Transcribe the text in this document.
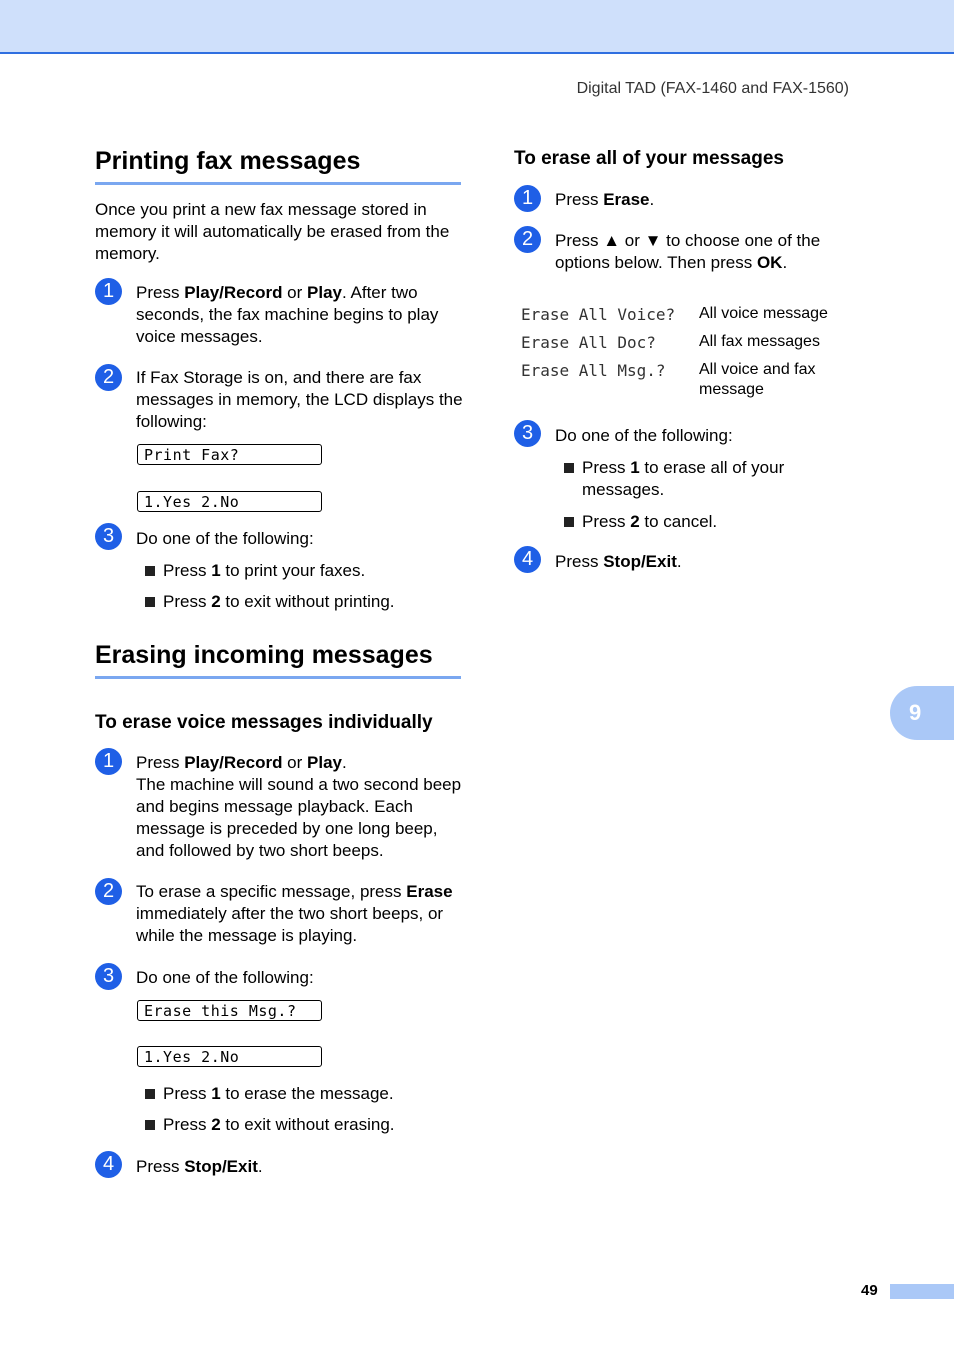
Digital TAD (FAX-1460 and FAX-1560)
Printing fax messages
Once you print a new fax message stored in memory it will automatically be erased from the memory.
1	Press Play/Record or Play. After two seconds, the fax machine begins to play voice messages.
2	If Fax Storage is on, and there are fax messages in memory, the LCD displays the following:
Print Fax?
1.Yes 2.No
3	Do one of the following:
Press 1 to print your faxes.
Press 2 to exit without printing.
Erasing incoming messages
To erase voice messages individually
1	Press Play/Record or Play.
The machine will sound a two second beep and begins message playback. Each message is preceded by one long beep, and followed by two short beeps.
2	To erase a specific message, press Erase immediately after the two short beeps, or while the message is playing.
3	Do one of the following:
Erase this Msg.?
1.Yes 2.No
Press 1 to erase the message.
Press 2 to exit without erasing.
4	Press Stop/Exit.
To erase all of your messages
1	Press Erase.
2	Press ▲ or ▼ to choose one of the options below. Then press OK.
Erase All Voice? All voice message
Erase All Doc?	All fax messages
Erase All Msg.? All voice and fax message
3	Do one of the following:
Press 1 to erase all of your messages.
Press 2 to cancel.
4	Press Stop/Exit.
9
49
